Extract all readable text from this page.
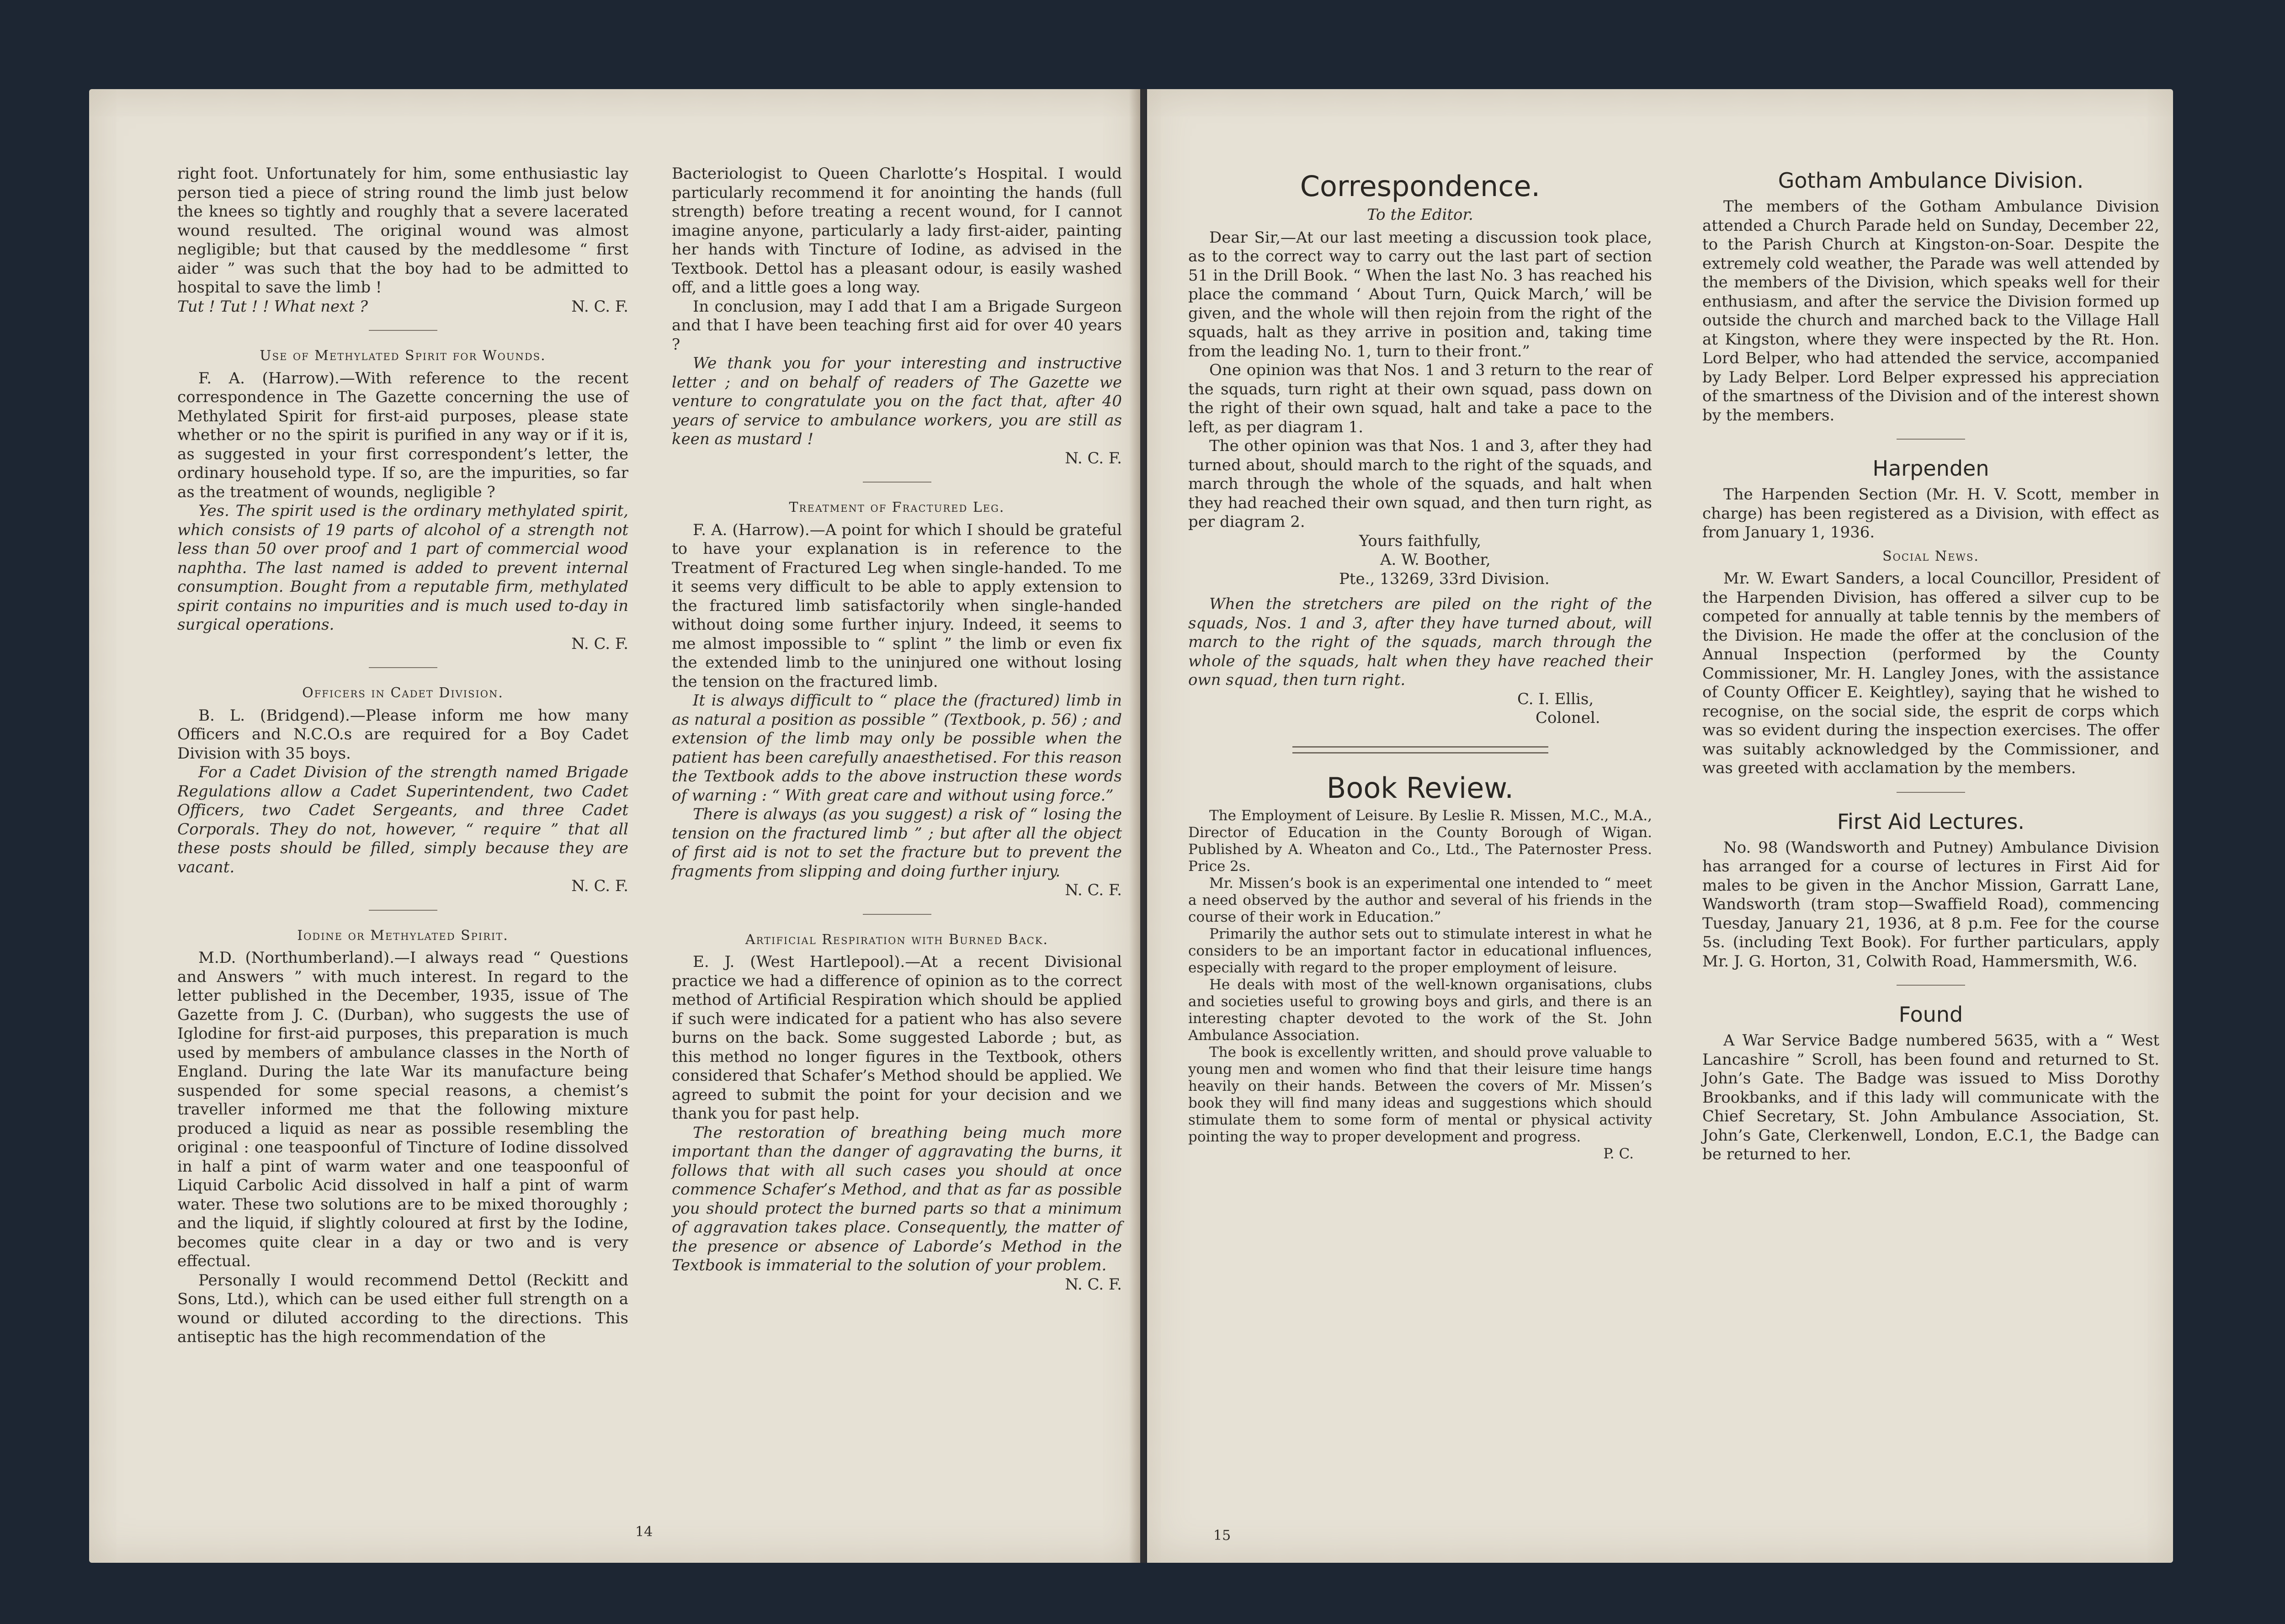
right foot. Unfortunately for him, some enthusiastic lay person tied a piece of string round the limb just below the knees so tightly and roughly that a severe lacerated wound resulted. The original wound was almost negligible; but that caused by the meddlesome “ first aider ” was such that the boy had to be admitted to hospital to save the limb !

Tut ! Tut ! ! What next ?	N. C. F.

Use of Methylated Spirit for Wounds.

F. A. (Harrow).—With reference to the recent correspondence in The Gazette concerning the use of Methylated Spirit for first-aid purposes, please state whether or no the spirit is purified in any way or if it is, as suggested in your first correspondent’s letter, the ordinary household type. If so, are the impurities, so far as the treatment of wounds, negligible ?

Yes. The spirit used is the ordinary methylated spirit, which consists of 19 parts of alcohol of a strength not less than 50 over proof and 1 part of commercial wood naphtha. The last named is added to prevent internal consumption. Bought from a reputable firm, methylated spirit contains no impurities and is much used to-day in surgical operations.

N. C. F.

Officers in Cadet Division.

B. L. (Bridgend).—Please inform me how many Officers and N.C.O.s are required for a Boy Cadet Division with 35 boys.

For a Cadet Division of the strength named Brigade Regulations allow a Cadet Superintendent, two Cadet Officers, two Cadet Sergeants, and three Cadet Corporals. They do not, however, “ require ” that all these posts should be filled, simply because they are vacant.

N. C. F.

Iodine or Methylated Spirit.

M.D. (Northumberland).—I always read “ Questions and Answers ” with much interest. In regard to the letter published in the December, 1935, issue of The Gazette from J. C. (Durban), who suggests the use of Iglodine for first-aid purposes, this preparation is much used by members of ambulance classes in the North of England. During the late War its manufacture being suspended for some special reasons, a chemist’s traveller informed me that the following mixture produced a liquid as near as possible resembling the original : one teaspoonful of Tincture of Iodine dissolved in half a pint of warm water and one teaspoonful of Liquid Carbolic Acid dissolved in half a pint of warm water. These two solutions are to be mixed thoroughly ; and the liquid, if slightly coloured at first by the Iodine, becomes quite clear in a day or two and is very effectual.

Personally I would recommend Dettol (Reckitt and Sons, Ltd.), which can be used either full strength on a wound or diluted according to the directions. This antiseptic has the high recommendation of the

Bacteriologist to Queen Charlotte’s Hospital. I would particularly recommend it for anointing the hands (full strength) before treating a recent wound, for I cannot imagine anyone, particularly a lady first-aider, painting her hands with Tincture of Iodine, as advised in the Textbook. Dettol has a pleasant odour, is easily washed off, and a little goes a long way.

In conclusion, may I add that I am a Brigade Surgeon and that I have been teaching first aid for over 40 years ?

We thank you for your interesting and instructive letter ; and on behalf of readers of The Gazette we venture to congratulate you on the fact that, after 40 years of service to ambulance workers, you are still as keen as mustard !

N. C. F.

Treatment of Fractured Leg.

F. A. (Harrow).—A point for which I should be grateful to have your explanation is in reference to the Treatment of Fractured Leg when single-handed. To me it seems very difficult to be able to apply extension to the fractured limb satisfactorily when single-handed without doing some further injury. Indeed, it seems to me almost impossible to “ splint ” the limb or even fix the extended limb to the uninjured one without losing the tension on the fractured limb.

It is always difficult to “ place the (fractured) limb in as natural a position as possible ” (Textbook, p. 56) ; and extension of the limb may only be possible when the patient has been carefully anaesthetised. For this reason the Textbook adds to the above instruction these words of warning : “ With great care and without using force.”

There is always (as you suggest) a risk of “ losing the tension on the fractured limb ” ; but after all the object of first aid is not to set the fracture but to prevent the fragments from slipping and doing further injury.

N. C. F.

Artificial Respiration with Burned Back.

E. J. (West Hartlepool).—At a recent Divisional practice we had a difference of opinion as to the correct method of Artificial Respiration which should be applied if such were indicated for a patient who has also severe burns on the back. Some suggested Laborde ; but, as this method no longer figures in the Textbook, others considered that Schafer’s Method should be applied. We agreed to submit the point for your decision and we thank you for past help.

The restoration of breathing being much more important than the danger of aggravating the burns, it follows that with all such cases you should at once commence Schafer’s Method, and that as far as possible you should protect the burned parts so that a minimum of aggravation takes place. Consequently, the matter of the presence or absence of Laborde’s Method in the Textbook is immaterial to the solution of your problem.

N. C. F.

14
Correspondence.
To the Editor.

Dear Sir,—At our last meeting a discussion took place, as to the correct way to carry out the last part of section 51 in the Drill Book. “ When the last No. 3 has reached his place the command ‘ About Turn, Quick March,’ will be given, and the whole will then rejoin from the right of the squads, halt as they arrive in position and, taking time from the leading No. 1, turn to their front.”

One opinion was that Nos. 1 and 3 return to the rear of the squads, turn right at their own squad, pass down on the right of their own squad, halt and take a pace to the left, as per diagram 1.

The other opinion was that Nos. 1 and 3, after they had turned about, should march to the right of the squads, and march through the whole of the squads, and halt when they had reached their own squad, and then turn right, as per diagram 2.

Yours faithfully,

A. W. Boother,

Pte., 13269, 33rd Division.

When the stretchers are piled on the right of the squads, Nos. 1 and 3, after they have turned about, will march to the right of the squads, march through the whole of the squads, halt when they have reached their own squad, then turn right.

C. I. Ellis,

Colonel.

Book Review.

The Employment of Leisure. By Leslie R. Missen, M.C., M.A., Director of Education in the County Borough of Wigan. Published by A. Wheaton and Co., Ltd., The Paternoster Press. Price 2s.

Mr. Missen’s book is an experimental one intended to “ meet a need observed by the author and several of his friends in the course of their work in Education.”

Primarily the author sets out to stimulate interest in what he considers to be an important factor in educational influences, especially with regard to the proper employment of leisure.

He deals with most of the well-known organisations, clubs and societies useful to growing boys and girls, and there is an interesting chapter devoted to the work of the St. John Ambulance Association.

The book is excellently written, and should prove valuable to young men and women who find that their leisure time hangs heavily on their hands. Between the covers of Mr. Missen’s book they will find many ideas and suggestions which should stimulate them to some form of mental or physical activity pointing the way to proper development and progress.

P. C.

Gotham Ambulance Division.

The members of the Gotham Ambulance Division attended a Church Parade held on Sunday, December 22, to the Parish Church at Kingston-on-Soar. Despite the extremely cold weather, the Parade was well attended by the members of the Division, which speaks well for their enthusiasm, and after the service the Division formed up outside the church and marched back to the Village Hall at Kingston, where they were inspected by the Rt. Hon. Lord Belper, who had attended the service, accompanied by Lady Belper. Lord Belper expressed his appreciation of the smartness of the Division and of the interest shown by the members.

Harpenden

The Harpenden Section (Mr. H. V. Scott, member in charge) has been registered as a Division, with effect as from January 1, 1936.

Social News.

Mr. W. Ewart Sanders, a local Councillor, President of the Harpenden Division, has offered a silver cup to be competed for annually at table tennis by the members of the Division. He made the offer at the conclusion of the Annual Inspection (performed by the County Commissioner, Mr. H. Langley Jones, with the assistance of County Officer E. Keightley), saying that he wished to recognise, on the social side, the esprit de corps which was so evident during the inspection exercises. The offer was suitably acknowledged by the Commissioner, and was greeted with acclamation by the members.

First Aid Lectures.

No. 98 (Wandsworth and Putney) Ambulance Division has arranged for a course of lectures in First Aid for males to be given in the Anchor Mission, Garratt Lane, Wandsworth (tram stop—Swaffield Road), commencing Tuesday, January 21, 1936, at 8 p.m. Fee for the course 5s. (including Text Book). For further particulars, apply Mr. J. G. Horton, 31, Colwith Road, Hammersmith, W.6.

Found

A War Service Badge numbered 5635, with a “ West Lancashire ” Scroll, has been found and returned to St. John’s Gate. The Badge was issued to Miss Dorothy Brookbanks, and if this lady will communicate with the Chief Secretary, St. John Ambulance Association, St. John’s Gate, Clerkenwell, London, E.C.1, the Badge can be returned to her.

15
